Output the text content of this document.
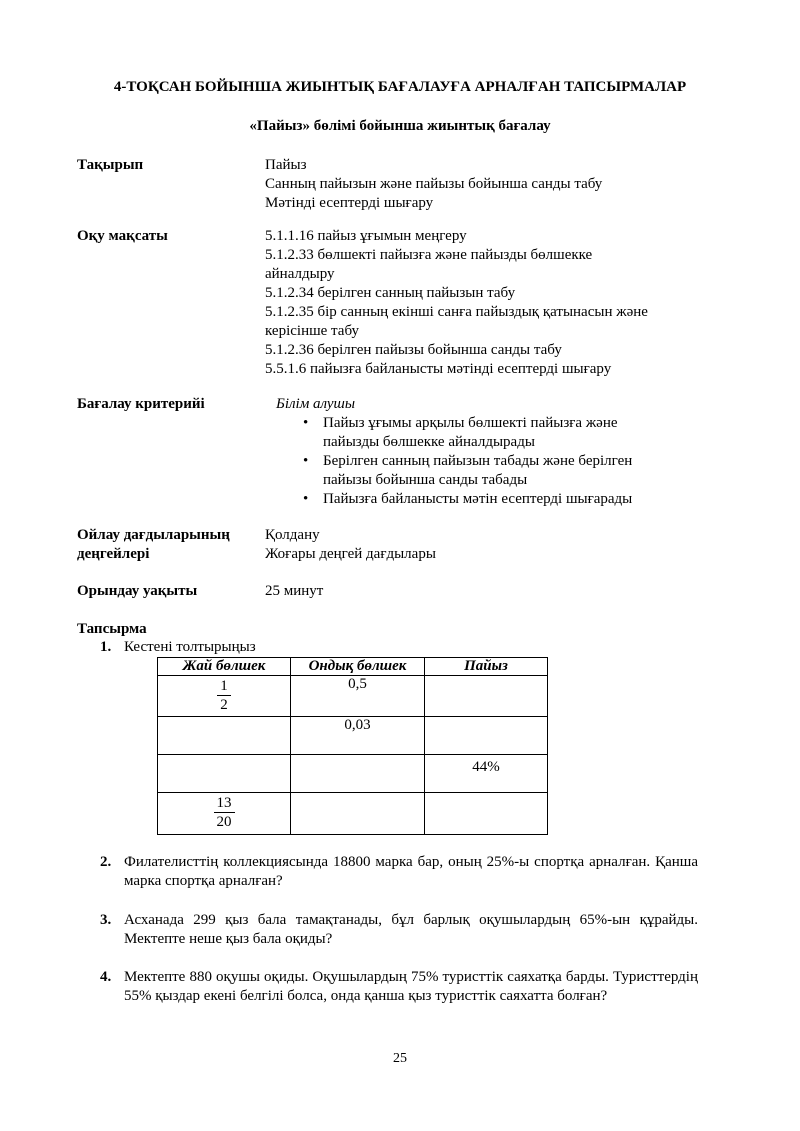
4-ТОҚСАН БОЙЫНША ЖИЫНТЫҚ БАҒАЛАУҒА АРНАЛҒАН ТАПСЫРМАЛАР
«Пайыз» бөлімі бойынша жиынтық бағалау
Тақырып	Пайыз
Санның пайызын және пайызы бойынша санды табу
Мәтінді есептерді шығару
Оқу мақсаты	5.1.1.16 пайыз ұғымын меңгеру
5.1.2.33 бөлшекті пайызға және пайызды бөлшекке
айналдыру
5.1.2.34 берілген санның пайызын табу
5.1.2.35 бір санның екінші санға пайыздық қатынасын және
керісінше табу
5.1.2.36 берілген пайызы бойынша санды табу
5.5.1.6 пайызға байланысты мәтінді есептерді шығару
Бағалау критерийі	Білім алушы
• Пайыз ұғымы арқылы бөлшекті пайызға және
пайызды бөлшекке айналдырады
• Берілген санның пайызын табады және берілген
пайызы бойынша санды табады
• Пайызға байланысты мәтін есептерді шығарады
Ойлау дағдыларының
деңгейлері
Қолдану
Жоғары деңгей дағдылары
Орындау уақыты	25 минут
Тапсырма
1. Кестені толтырыңыз
Жай бөлшек	Ондық бөлшек	Пайыз

$\frac{1}{2}$	0,5	
	0,03	
		44%

$\frac{13}{20}$

2. Филателисттің коллекциясында 18800 марка бар, оның 25%-ы спортқа арналған. Қанша марка спортқа арналған?
3. Асханада 299 қыз бала тамақтанады, бұл барлық оқушылардың 65%-ын құрайды. Мектепте неше қыз бала оқиды?
4. Мектепте 880 оқушы оқиды. Оқушылардың 75% туристтік саяхатқа барды. Туристтердің 55% қыздар екені белгілі болса, онда қанша қыз туристтік саяхатта болған?
25
